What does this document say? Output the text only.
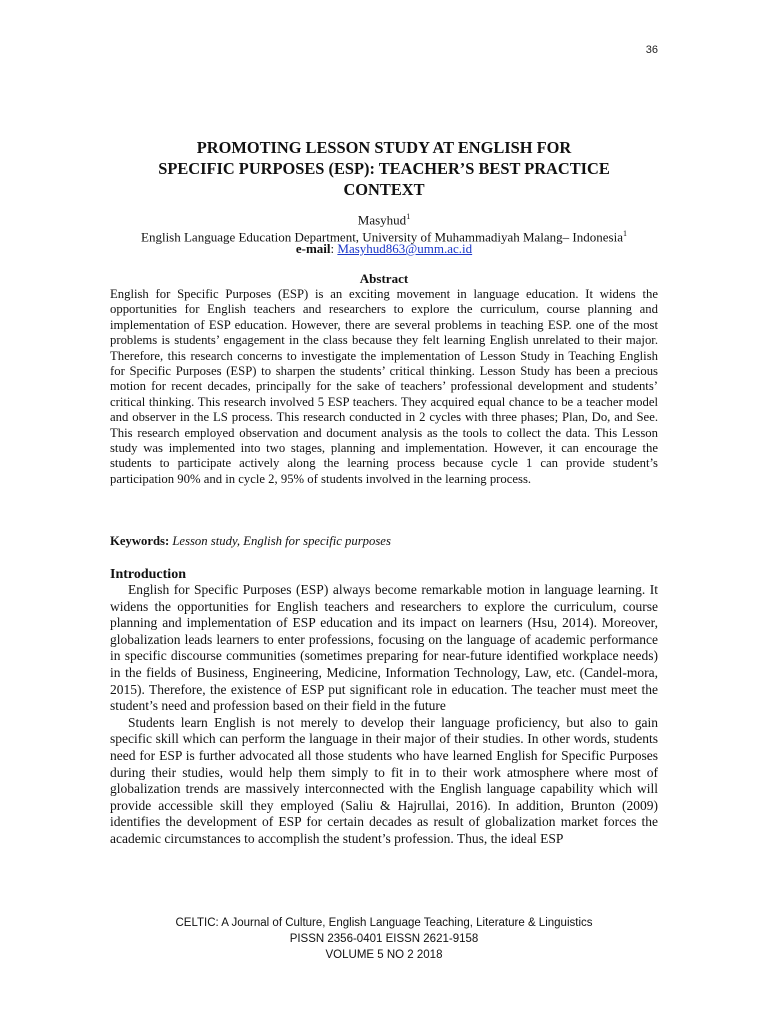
36
PROMOTING LESSON STUDY AT ENGLISH FOR
SPECIFIC PURPOSES (ESP): TEACHER’S BEST PRACTICE
CONTEXT
Masyhud$^1$
English Language Education Department, University of Muhammadiyah Malang– Indonesia$^1$
e-mail: Masyhud863@umm.ac.id
Abstract
English for Specific Purposes (ESP) is an exciting movement in language education. It widens the opportunities for English teachers and researchers to explore the curriculum, course planning and implementation of ESP education. However, there are several problems in teaching ESP. one of the most problems is students’ engagement in the class because they felt learning English unrelated to their major. Therefore, this research concerns to investigate the implementation of Lesson Study in Teaching English for Specific Purposes (ESP) to sharpen the students’ critical thinking. Lesson Study has been a precious motion for recent decades, principally for the sake of teachers’ professional development and students’ critical thinking. This research involved 5 ESP teachers. They acquired equal chance to be a teacher model and observer in the LS process. This research conducted in 2 cycles with three phases; Plan, Do, and See. This research employed observation and document analysis as the tools to collect the data. This Lesson study was implemented into two stages, planning and implementation. However, it can encourage the students to participate actively along the learning process because cycle 1 can provide student’s participation 90% and in cycle 2, 95% of students involved in the learning process.
Keywords: Lesson study, English for specific purposes
Introduction

English for Specific Purposes (ESP) always become remarkable motion in language learning. It widens the opportunities for English teachers and researchers to explore the curriculum, course planning and implementation of ESP education and its impact on learners (Hsu, 2014). Moreover, globalization leads learners to enter professions, focusing on the language of academic performance in specific discourse communities (sometimes preparing for near-future identified workplace needs) in the fields of Business, Engineering, Medicine, Information Technology, Law, etc. (Candel-mora, 2015). Therefore, the existence of ESP put significant role in education. The teacher must meet the student’s need and profession based on their field in the future

Students learn English is not merely to develop their language proficiency, but also to gain specific skill which can perform the language in their major of their studies. In other words, students need for ESP is further advocated all those students who have learned English for Specific Purposes during their studies, would help them simply to fit in to their work atmosphere where most of globalization trends are massively interconnected with the English language capability which will provide accessible skill they employed (Saliu & Hajrullai, 2016). In addition, Brunton (2009) identifies the development of ESP for certain decades as result of globalization market forces the academic circumstances to accomplish the student’s profession. Thus, the ideal ESP

CELTIC: A Journal of Culture, English Language Teaching, Literature & Linguistics
PISSN 2356-0401 EISSN 2621-9158
VOLUME 5 NO 2 2018
